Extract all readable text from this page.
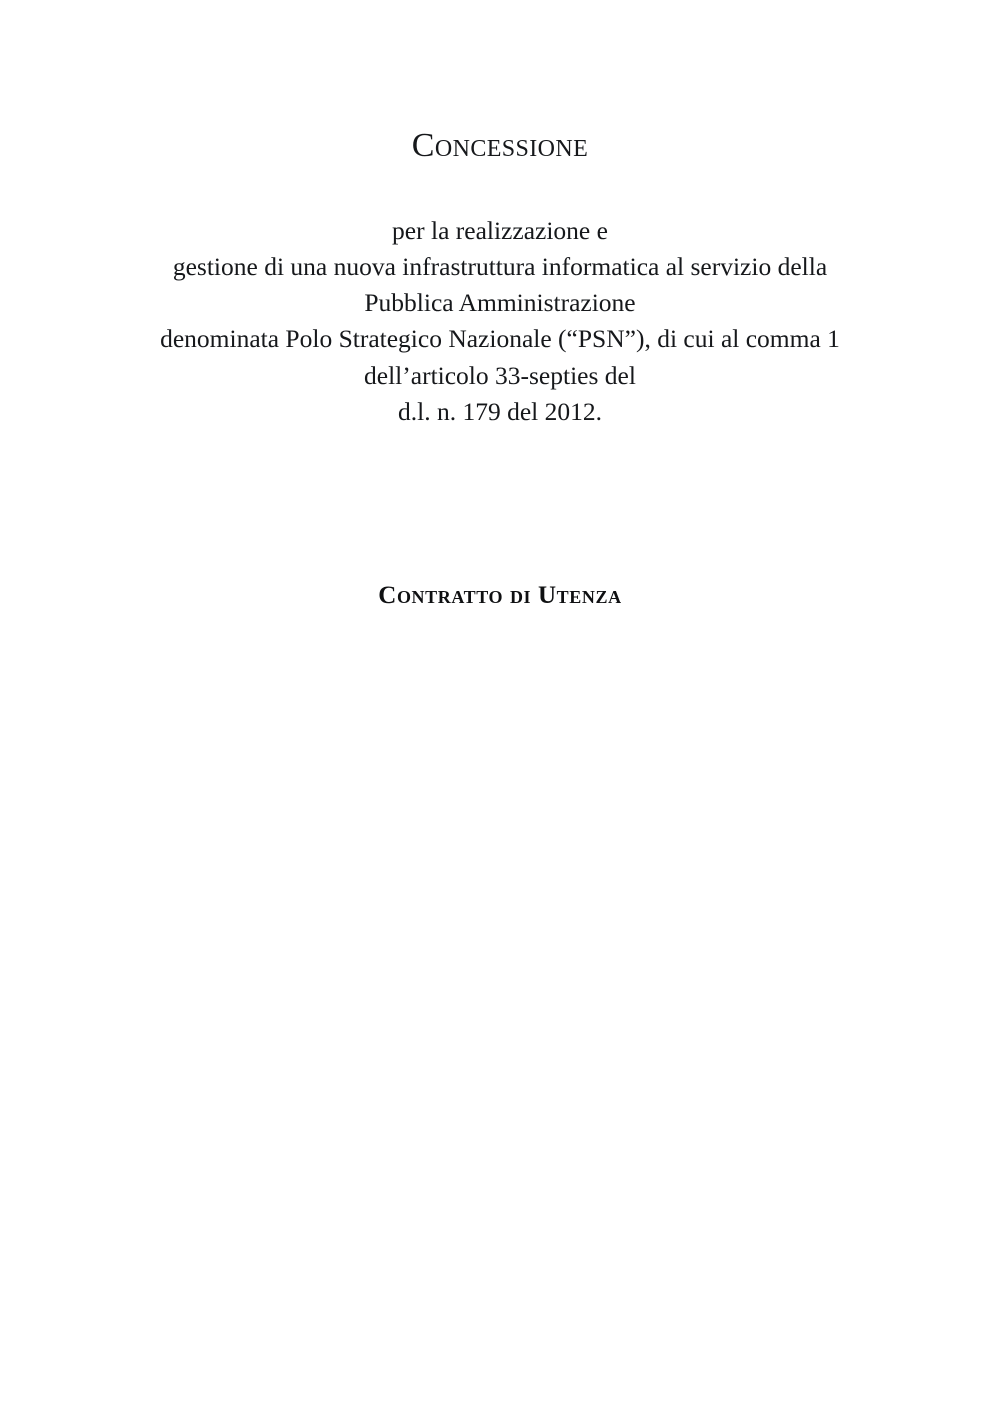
Concessione
per la realizzazione e
gestione di una nuova infrastruttura informatica al servizio della
Pubblica Amministrazione
denominata Polo Strategico Nazionale (“PSN”), di cui al comma 1
dell’articolo 33-septies del
d.l. n. 179 del 2012.
Contratto di Utenza
